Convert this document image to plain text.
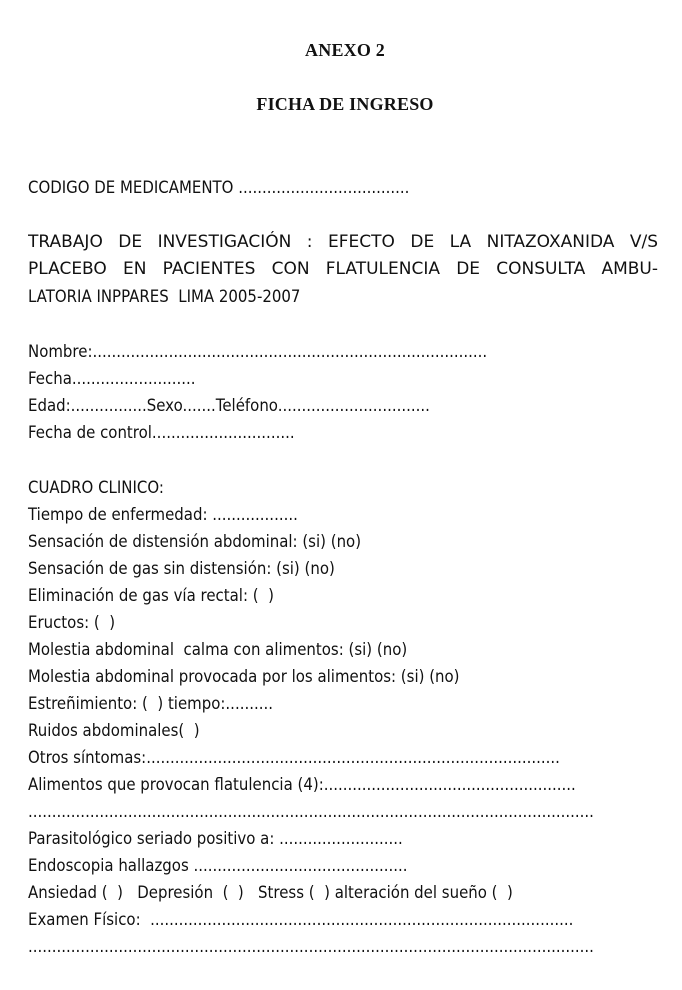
ANEXO 2
FICHA DE INGRESO
CODIGO DE MEDICAMENTO ....................................
TRABAJO DE INVESTIGACIÓN : EFECTO DE LA NITAZOXANIDA V/S
PLACEBO EN PACIENTES CON FLATULENCIA DE CONSULTA AMBU-
LATORIA INPPARES  LIMA 2005-2007
Nombre:...................................................................................
Fecha..........................
Edad:................Sexo.......Teléfono................................
Fecha de control..............................
CUADRO CLINICO:
Tiempo de enfermedad: ..................
Sensación de distensión abdominal: (si) (no)
Sensación de gas sin distensión: (si) (no)
Eliminación de gas vía rectal: (  )
Eructos: (  )
Molestia abdominal  calma con alimentos: (si) (no)
Molestia abdominal provocada por los alimentos: (si) (no)
Estreñimiento: (  ) tiempo:..........
Ruidos abdominales(  )
Otros síntomas:.......................................................................................
Alimentos que provocan flatulencia (4):.....................................................
.......................................................................................................................
Parasitológico seriado positivo a: ..........................
Endoscopia hallazgos .............................................
Ansiedad (  )   Depresión  (  )   Stress (  ) alteración del sueño (  )
Examen Físico:  .........................................................................................
.......................................................................................................................
